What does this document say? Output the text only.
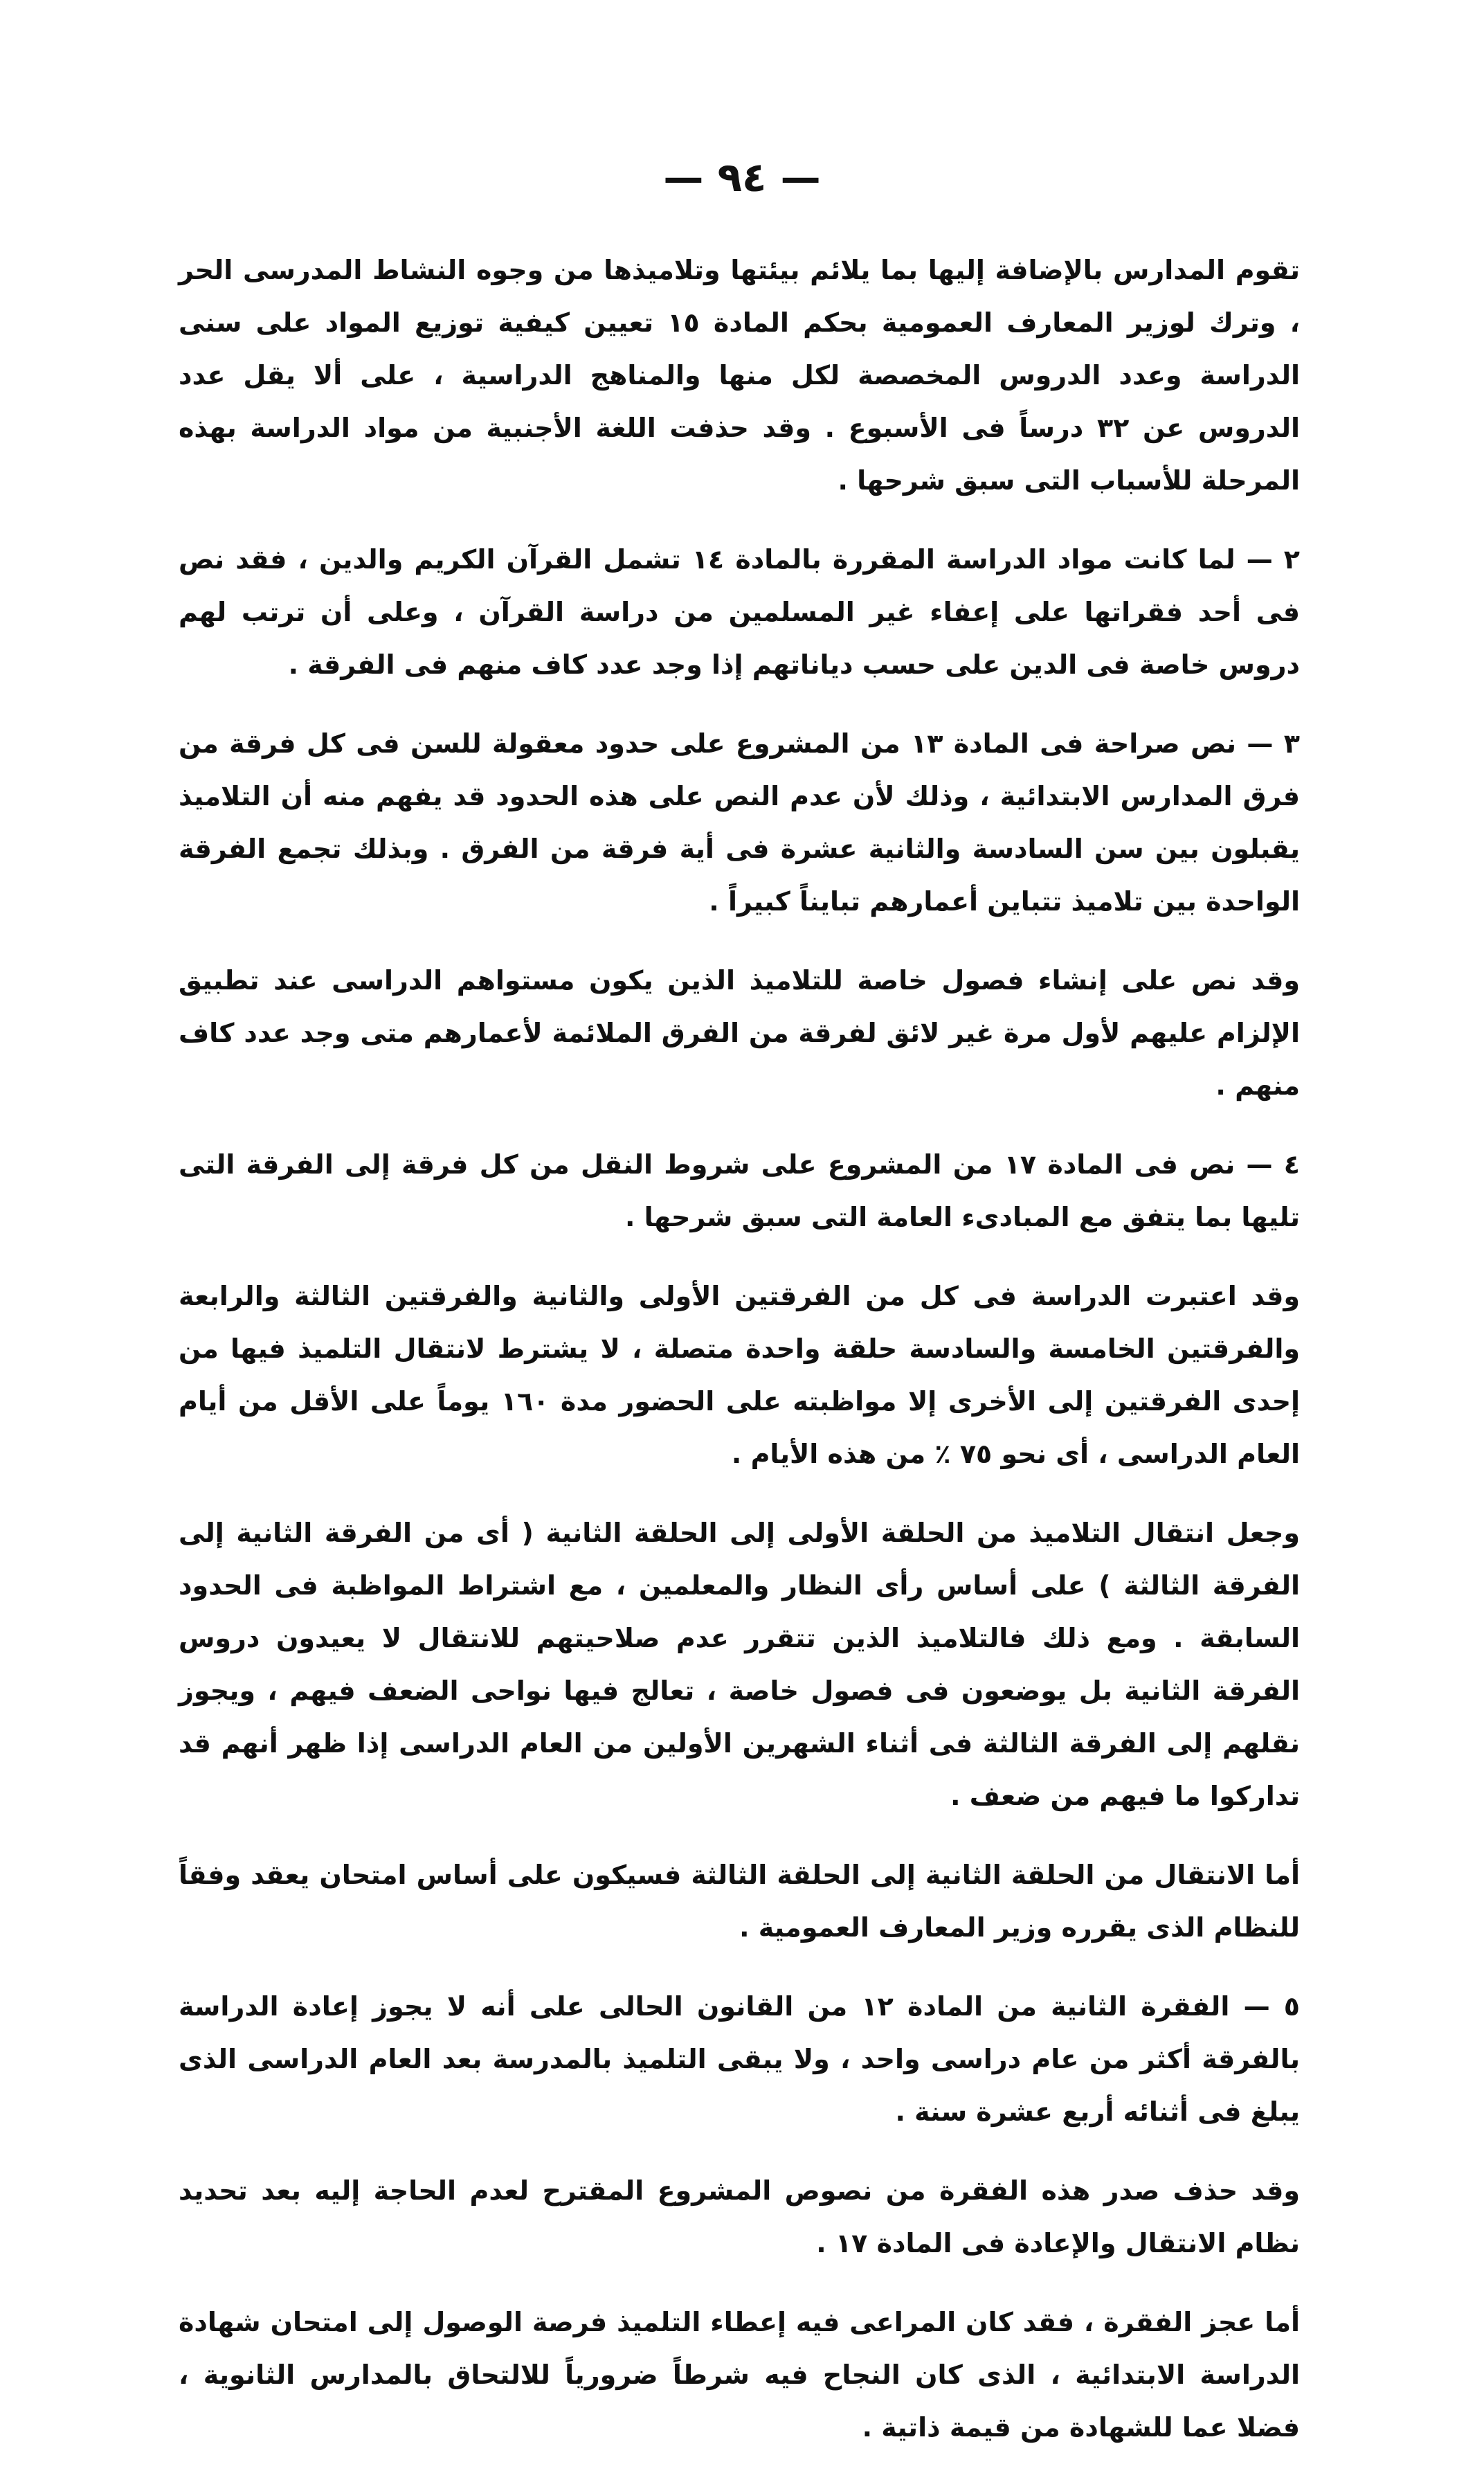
— ٩٤ —

تقوم المدارس بالإضافة إليها بما يلائم بيئتها وتلاميذها من وجوه النشاط المدرسى الحر ، وترك لوزير المعارف العمومية بحكم المادة ١٥ تعيين كيفية توزيع المواد على سنى الدراسة وعدد الدروس المخصصة لكل منها والمناهج الدراسية ، على ألا يقل عدد الدروس عن ٣٢ درساً فى الأسبوع . وقد حذفت اللغة الأجنبية من مواد الدراسة بهذه المرحلة للأسباب التى سبق شرحها .

٢ — لما كانت مواد الدراسة المقررة بالمادة ١٤ تشمل القرآن الكريم والدين ، فقد نص فى أحد فقراتها على إعفاء غير المسلمين من دراسة القرآن ، وعلى أن ترتب لهم دروس خاصة فى الدين على حسب دياناتهم إذا وجد عدد كاف منهم فى الفرقة .

٣ — نص صراحة فى المادة ١٣ من المشروع على حدود معقولة للسن فى كل فرقة من فرق المدارس الابتدائية ، وذلك لأن عدم النص على هذه الحدود قد يفهم منه أن التلاميذ يقبلون بين سن السادسة والثانية عشرة فى أية فرقة من الفرق . وبذلك تجمع الفرقة الواحدة بين تلاميذ تتباين أعمارهم تبايناً كبيراً .

وقد نص على إنشاء فصول خاصة للتلاميذ الذين يكون مستواهم الدراسى عند تطبيق الإلزام عليهم لأول مرة غير لائق لفرقة من الفرق الملائمة لأعمارهم متى وجد عدد كاف منهم .

٤ — نص فى المادة ١٧ من المشروع على شروط النقل من كل فرقة إلى الفرقة التى تليها بما يتفق مع المبادىء العامة التى سبق شرحها .

وقد اعتبرت الدراسة فى كل من الفرقتين الأولى والثانية والفرقتين الثالثة والرابعة والفرقتين الخامسة والسادسة حلقة واحدة متصلة ، لا يشترط لانتقال التلميذ فيها من إحدى الفرقتين إلى الأخرى إلا مواظبته على الحضور مدة ١٦٠ يوماً على الأقل من أيام العام الدراسى ، أى نحو ٧٥ ٪ من هذه الأيام .

وجعل انتقال التلاميذ من الحلقة الأولى إلى الحلقة الثانية ( أى من الفرقة الثانية إلى الفرقة الثالثة ) على أساس رأى النظار والمعلمين ، مع اشتراط المواظبة فى الحدود السابقة . ومع ذلك فالتلاميذ الذين تتقرر عدم صلاحيتهم للانتقال لا يعيدون دروس الفرقة الثانية بل يوضعون فى فصول خاصة ، تعالج فيها نواحى الضعف فيهم ، ويجوز نقلهم إلى الفرقة الثالثة فى أثناء الشهرين الأولين من العام الدراسى إذا ظهر أنهم قد تداركوا ما فيهم من ضعف .

أما الانتقال من الحلقة الثانية إلى الحلقة الثالثة فسيكون على أساس امتحان يعقد وفقاً للنظام الذى يقرره وزير المعارف العمومية .

٥ — الفقرة الثانية من المادة ١٢ من القانون الحالى على أنه لا يجوز إعادة الدراسة بالفرقة أكثر من عام دراسى واحد ، ولا يبقى التلميذ بالمدرسة بعد العام الدراسى الذى يبلغ فى أثنائه أربع عشرة سنة .

وقد حذف صدر هذه الفقرة من نصوص المشروع المقترح لعدم الحاجة إليه بعد تحديد نظام الانتقال والإعادة فى المادة ١٧ .

أما عجز الفقرة ، فقد كان المراعى فيه إعطاء التلميذ فرصة الوصول إلى امتحان شهادة الدراسة الابتدائية ، الذى كان النجاح فيه شرطاً ضرورياً للالتحاق بالمدارس الثانوية ، فضلا عما للشهادة من قيمة ذاتية .
